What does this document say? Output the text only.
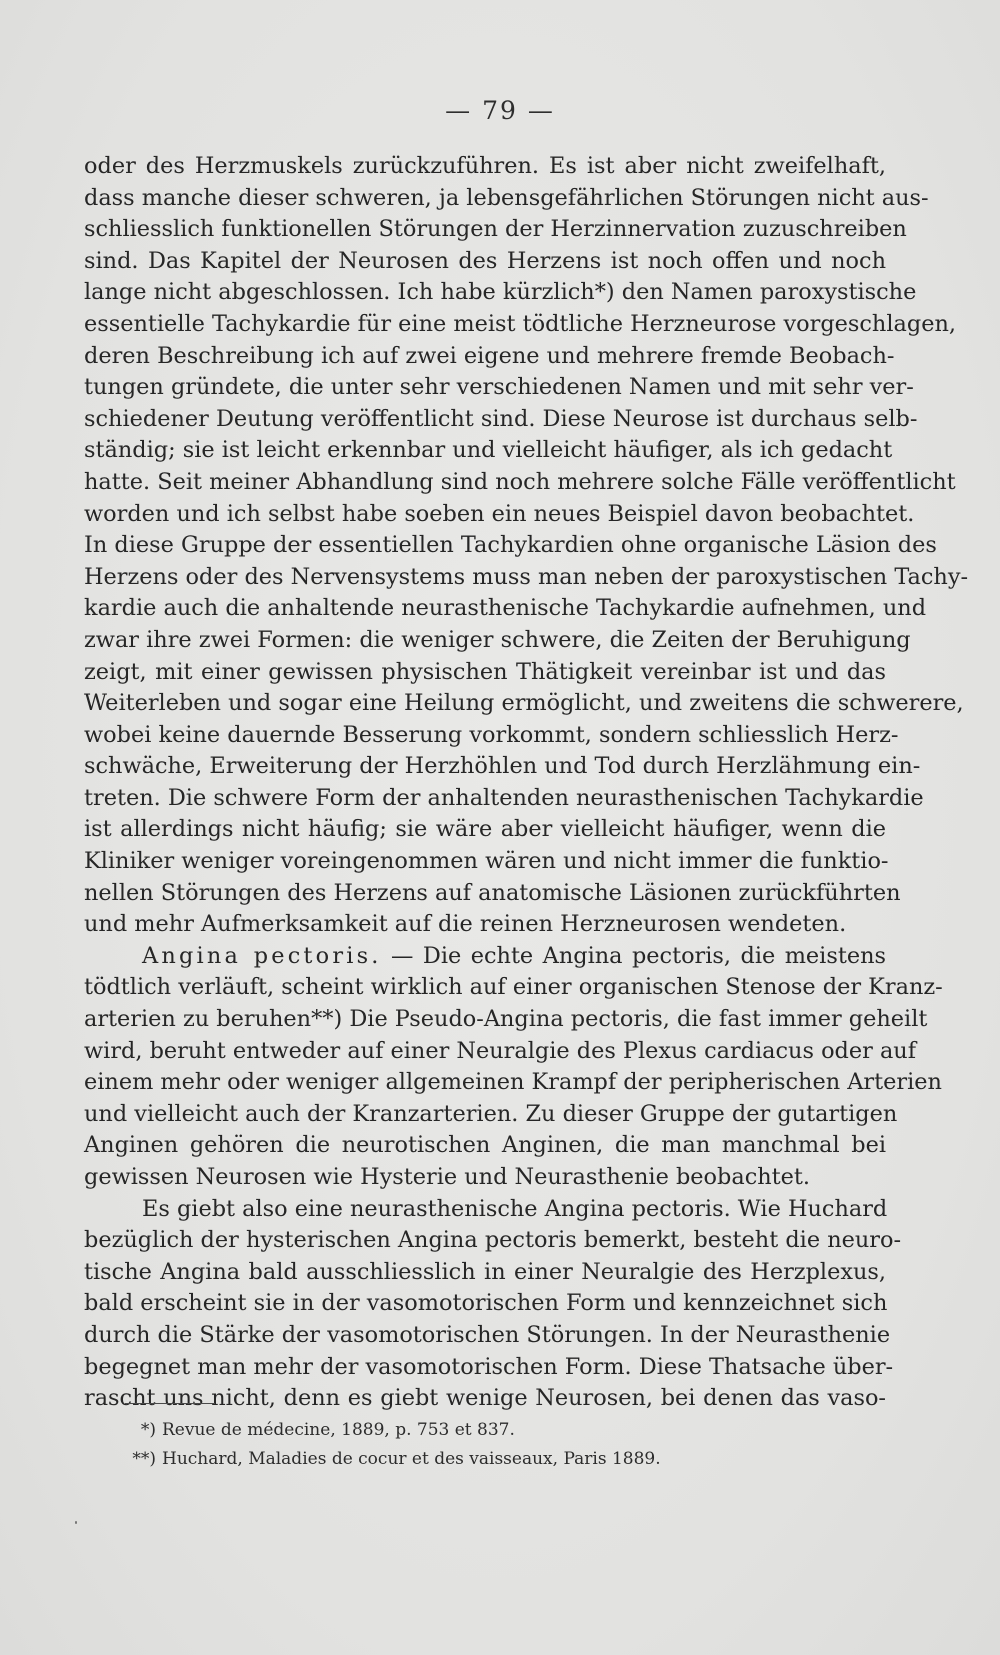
— 79 —
oder des Herzmuskels zurückzuführen. Es ist aber nicht zweifelhaft,
dass manche dieser schweren, ja lebensgefährlichen Störungen nicht aus-
schliesslich funktionellen Störungen der Herzinnervation zuzuschreiben
sind. Das Kapitel der Neurosen des Herzens ist noch offen und noch
lange nicht abgeschlossen. Ich habe kürzlich*) den Namen paroxystische
essentielle Tachykardie für eine meist tödtliche Herzneurose vorgeschlagen,
deren Beschreibung ich auf zwei eigene und mehrere fremde Beobach-
tungen gründete, die unter sehr verschiedenen Namen und mit sehr ver-
schiedener Deutung veröffentlicht sind. Diese Neurose ist durchaus selb-
ständig; sie ist leicht erkennbar und vielleicht häufiger, als ich gedacht
hatte. Seit meiner Abhandlung sind noch mehrere solche Fälle veröffentlicht
worden und ich selbst habe soeben ein neues Beispiel davon beobachtet.
In diese Gruppe der essentiellen Tachykardien ohne organische Läsion des
Herzens oder des Nervensystems muss man neben der paroxystischen Tachy-
kardie auch die anhaltende neurasthenische Tachykardie aufnehmen, und
zwar ihre zwei Formen: die weniger schwere, die Zeiten der Beruhigung
zeigt, mit einer gewissen physischen Thätigkeit vereinbar ist und das
Weiterleben und sogar eine Heilung ermöglicht, und zweitens die schwerere,
wobei keine dauernde Besserung vorkommt, sondern schliesslich Herz-
schwäche, Erweiterung der Herzhöhlen und Tod durch Herzlähmung ein-
treten. Die schwere Form der anhaltenden neurasthenischen Tachykardie
ist allerdings nicht häufig; sie wäre aber vielleicht häufiger, wenn die
Kliniker weniger voreingenommen wären und nicht immer die funktio-
nellen Störungen des Herzens auf anatomische Läsionen zurückführten
und mehr Aufmerksamkeit auf die reinen Herzneurosen wendeten.
Angina pectoris. — Die echte Angina pectoris, die meistens
tödtlich verläuft, scheint wirklich auf einer organischen Stenose der Kranz-
arterien zu beruhen**) Die Pseudo-Angina pectoris, die fast immer geheilt
wird, beruht entweder auf einer Neuralgie des Plexus cardiacus oder auf
einem mehr oder weniger allgemeinen Krampf der peripherischen Arterien
und vielleicht auch der Kranzarterien. Zu dieser Gruppe der gutartigen
Anginen gehören die neurotischen Anginen, die man manchmal bei
gewissen Neurosen wie Hysterie und Neurasthenie beobachtet.
Es giebt also eine neurasthenische Angina pectoris. Wie Huchard
bezüglich der hysterischen Angina pectoris bemerkt, besteht die neuro-
tische Angina bald ausschliesslich in einer Neuralgie des Herzplexus,
bald erscheint sie in der vasomotorischen Form und kennzeichnet sich
durch die Stärke der vasomotorischen Störungen. In der Neurasthenie
begegnet man mehr der vasomotorischen Form. Diese Thatsache über-
rascht uns nicht, denn es giebt wenige Neurosen, bei denen das vaso-
*) Revue de médecine, 1889, p. 753 et 837.
**) Huchard, Maladies de cocur et des vaisseaux, Paris 1889.
